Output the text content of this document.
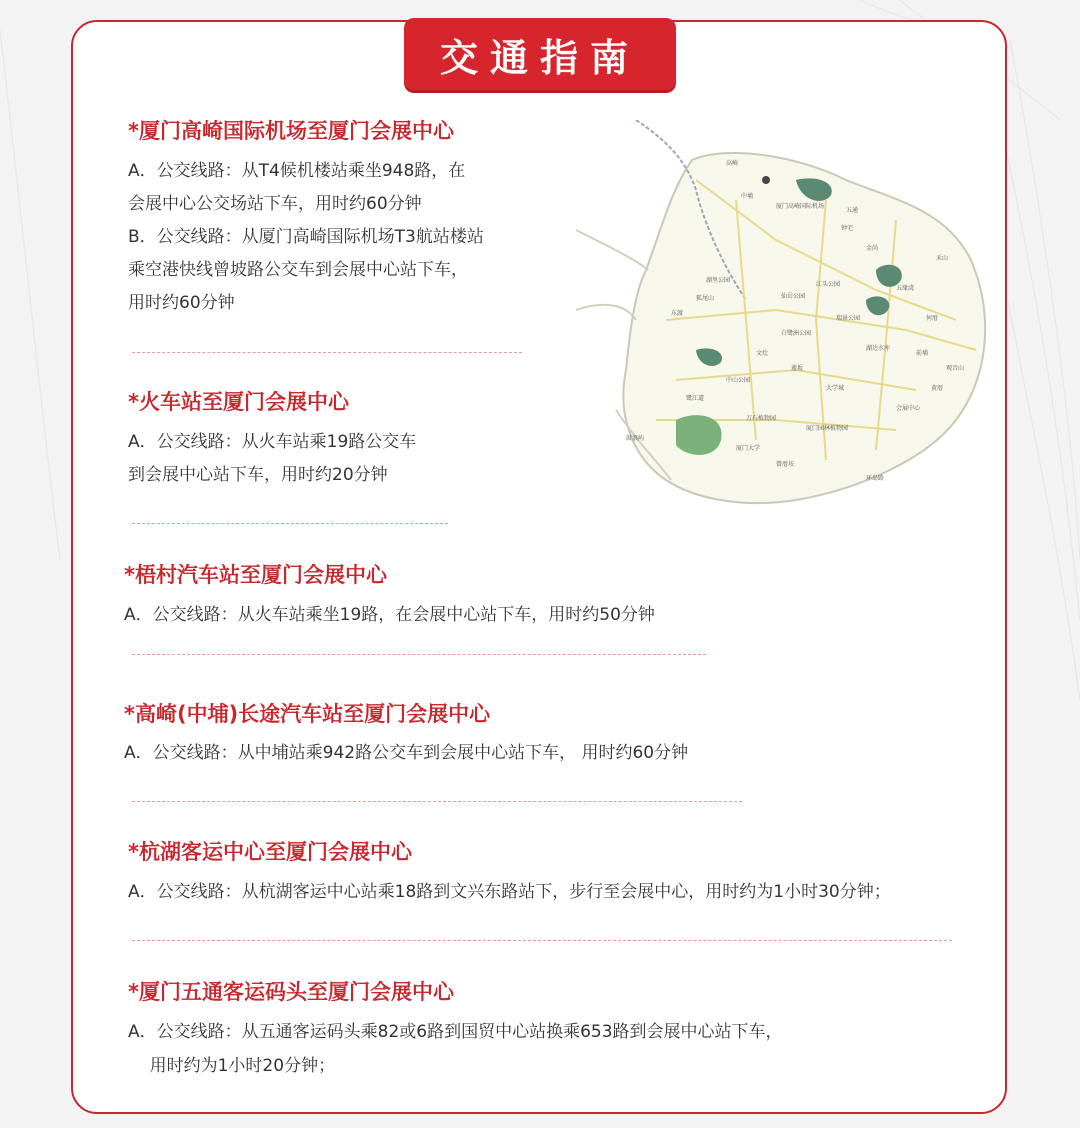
交通指南
*厦门高崎国际机场至厦门会展中心
A．公交线路：从T4候机楼站乘坐948路，在
会展中心公交场站下车，用时约60分钟
B．公交线路：从厦门高崎国际机场T3航站楼站
乘空港快线曾坡路公交车到会展中心站下车，
用时约60分钟
*火车站至厦门会展中心
A．公交线路：从火车站乘19路公交车
到会展中心站下车，用时约20分钟
*梧村汽车站至厦门会展中心
A．公交线路：从火车站乘坐19路，在会展中心站下车，用时约50分钟
*高崎(中埔)长途汽车站至厦门会展中心
A．公交线路：从中埔站乘942路公交车到会展中心站下车， 用时约60分钟
*杭湖客运中心至厦门会展中心
A．公交线路：从杭湖客运中心站乘18路到文兴东路站下，步行至会展中心，用时约为1小时30分钟；
*厦门五通客运码头至厦门会展中心
A．公交线路：从五通客运码头乘82或6路到国贸中心站换乘653路到会展中心站下车，
用时约为1小时20分钟；
高崎
中埔
厦门高崎国际机场
五通
湖里公园
仙岳公园
江头公园
白鹭洲公园
中山公园
万石植物园
厦门大学
曾厝垵
会展中心
黄厝
前埔
何厝
观音山
鼓浪屿
钟宅
东渡
金尚
瑞景公园
文灶
狐尾山
莲坂
五缘湾
环岛路
厦门园林植物园
湖边水库
大学城
鹭江道
禾山
